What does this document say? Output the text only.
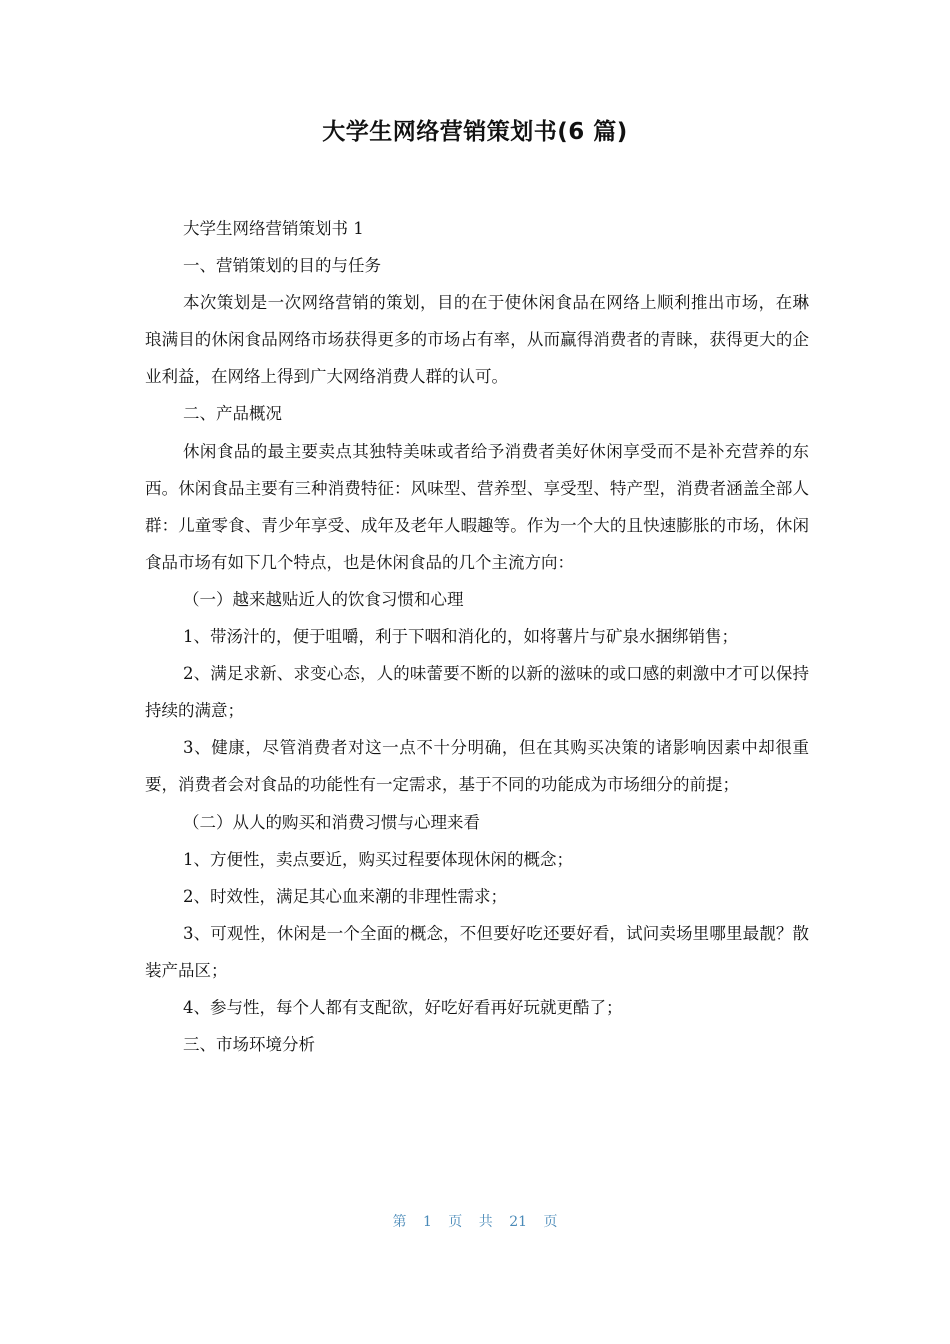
大学生网络营销策划书(6 篇)

大学生网络营销策划书 1

一、营销策划的目的与任务

本次策划是一次网络营销的策划，目的在于使休闲食品在网络上顺利推出市场，在琳琅满目的休闲食品网络市场获得更多的市场占有率，从而赢得消费者的青睐，获得更大的企业利益，在网络上得到广大网络消费人群的认可。

二、产品概况

休闲食品的最主要卖点其独特美味或者给予消费者美好休闲享受而不是补充营养的东西。休闲食品主要有三种消费特征：风味型、营养型、享受型、特产型，消费者涵盖全部人群：儿童零食、青少年享受、成年及老年人暇趣等。作为一个大的且快速膨胀的市场，休闲食品市场有如下几个特点，也是休闲食品的几个主流方向：

（一）越来越贴近人的饮食习惯和心理

1、带汤汁的，便于咀嚼，利于下咽和消化的，如将薯片与矿泉水捆绑销售；

2、满足求新、求变心态，人的味蕾要不断的以新的滋味的或口感的刺激中才可以保持持续的满意；

3、健康，尽管消费者对这一点不十分明确，但在其购买决策的诸影响因素中却很重要，消费者会对食品的功能性有一定需求，基于不同的功能成为市场细分的前提；

（二）从人的购买和消费习惯与心理来看

1、方便性，卖点要近，购买过程要体现休闲的概念；

2、时效性，满足其心血来潮的非理性需求；

3、可观性，休闲是一个全面的概念，不但要好吃还要好看，试问卖场里哪里最靓？散装产品区；

4、参与性，每个人都有支配欲，好吃好看再好玩就更酷了；

三、市场环境分析

第 1 页 共 21 页
